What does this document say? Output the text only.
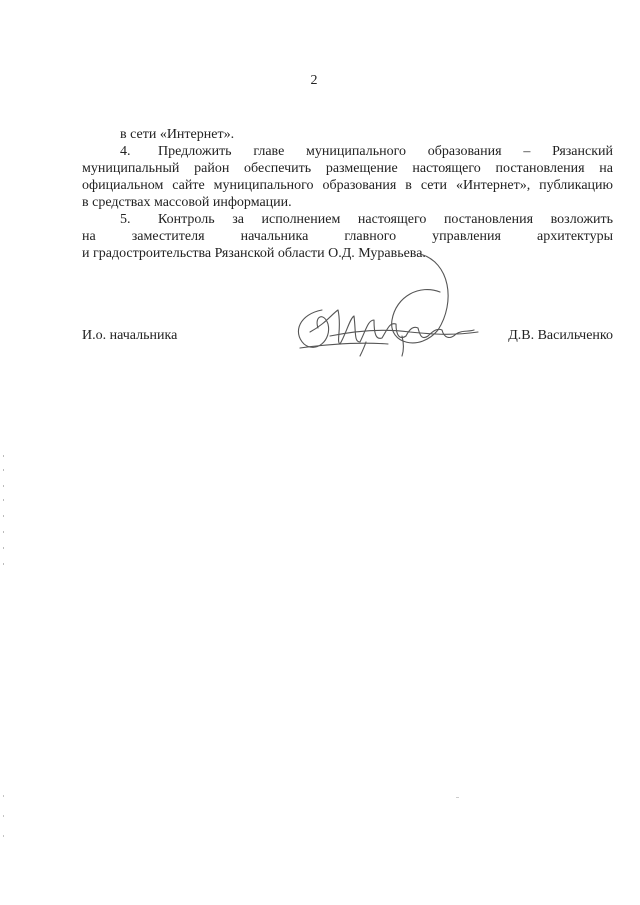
2
в сети «Интернет».
4. Предложить главе муниципального образования – Рязанский
муниципальный район обеспечить размещение настоящего постановления на
официальном сайте муниципального образования в сети «Интернет», публикацию
в средствах массовой информации.
5. Контроль за исполнением настоящего постановления возложить
на заместителя начальника главного управления архитектуры
и градостроительства Рязанской области О.Д. Муравьева.
И.о. начальника	Д.В. Васильченко
